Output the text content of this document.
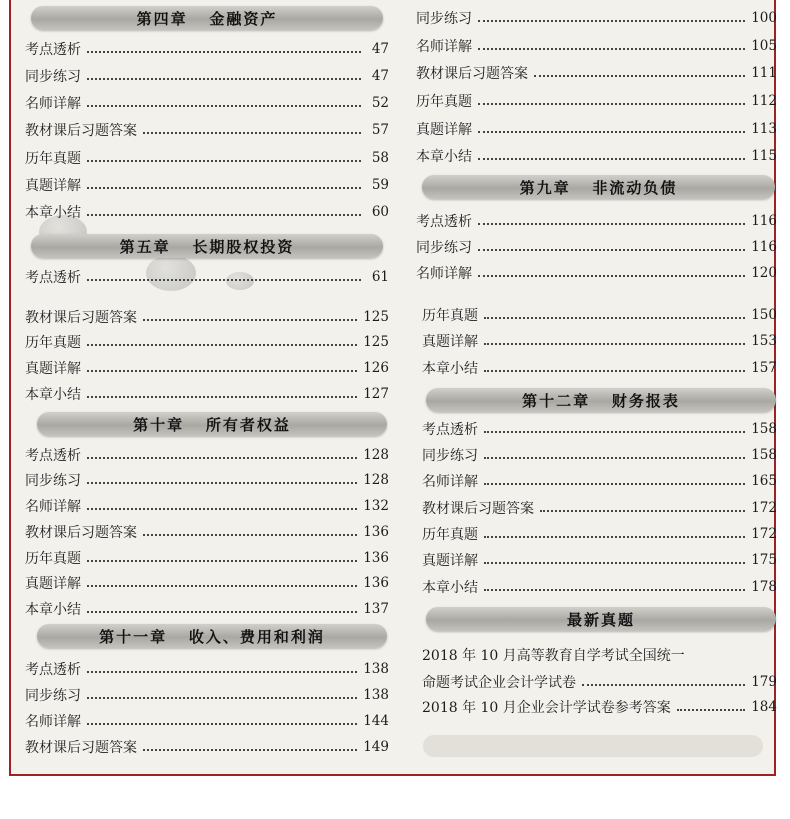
第四章   金融资产
考点透析	47
同步练习	47
名师详解	52
教材课后习题答案	57
历年真题	58
真题详解	59
本章小结	60
第五章   长期股权投资
考点透析	61
教材课后习题答案	125
历年真题	125
真题详解	126
本章小结	127
第十章   所有者权益
考点透析	128
同步练习	128
名师详解	132
教材课后习题答案	136
历年真题	136
真题详解	136
本章小结	137
第十一章   收入、费用和利润
考点透析	138
同步练习	138
名师详解	144
教材课后习题答案	149
同步练习	100
名师详解	105
教材课后习题答案	111
历年真题	112
真题详解	113
本章小结	115
第九章   非流动负债
考点透析	116
同步练习	116
名师详解	120
历年真题	150
真题详解	153
本章小结	157
第十二章   财务报表
考点透析	158
同步练习	158
名师详解	165
教材课后习题答案	172
历年真题	172
真题详解	175
本章小结	178
最新真题
2018 年 10 月高等教育自学考试全国统一
命题考试企业会计学试卷	179
2018 年 10 月企业会计学试卷参考答案	184
